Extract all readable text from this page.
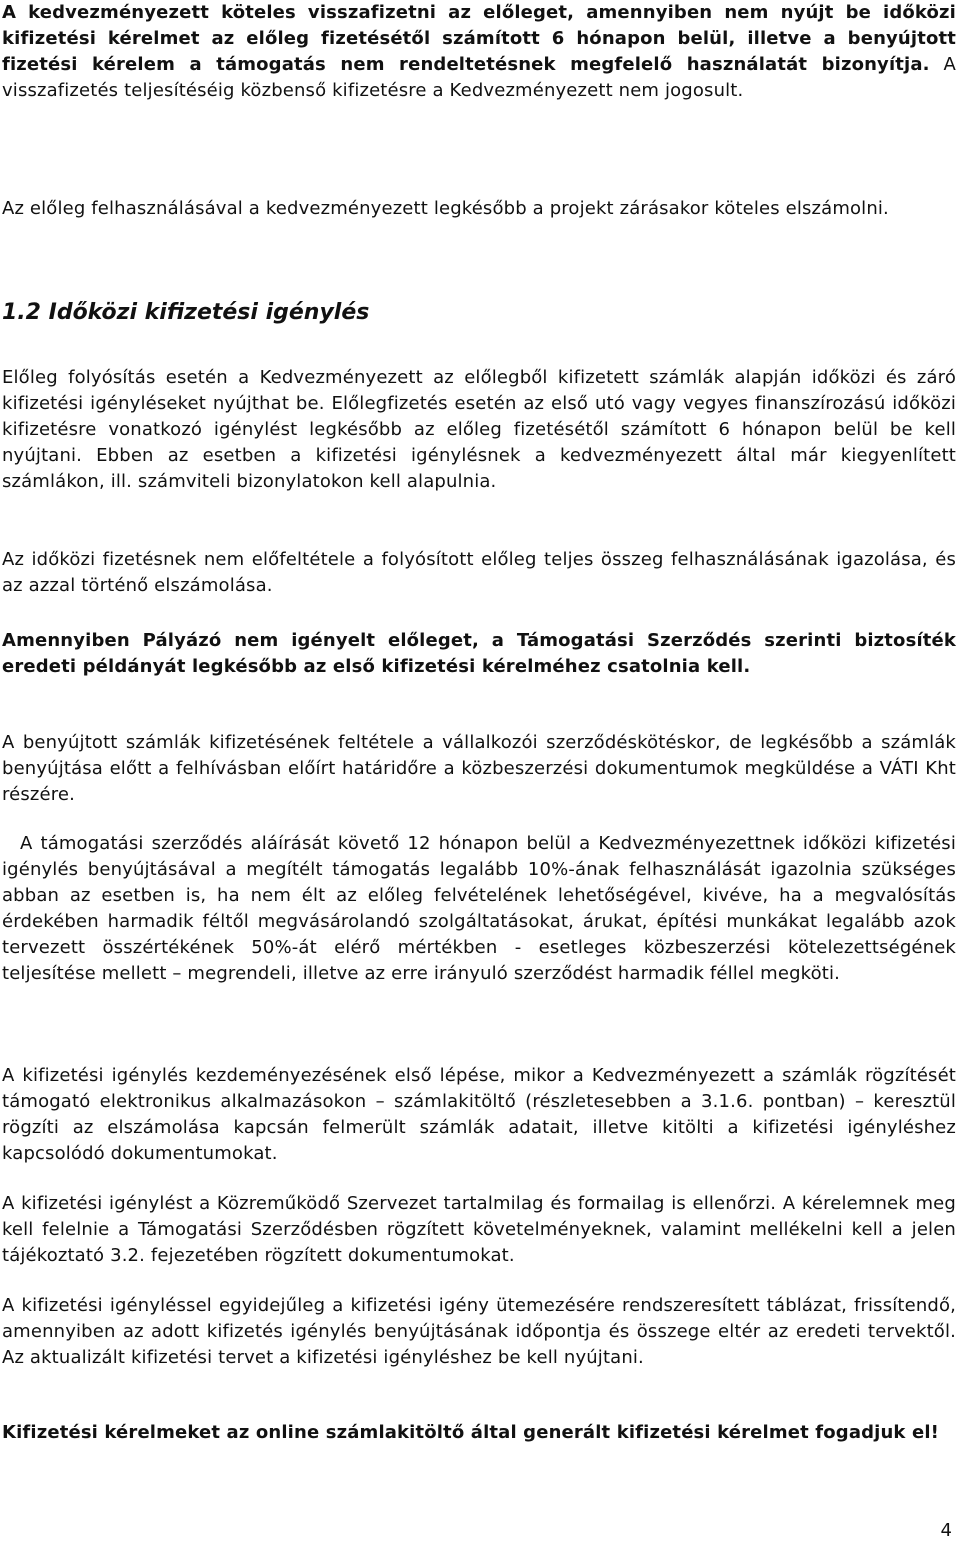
A kedvezményezett köteles visszafizetni az előleget, amennyiben nem nyújt be időközi kifizetési kérelmet az előleg fizetésétől számított 6 hónapon belül, illetve a benyújtott fizetési kérelem a támogatás nem rendeltetésnek megfelelő használatát bizonyítja. A visszafizetés teljesítéséig közbenső kifizetésre a Kedvezményezett nem jogosult.

Az előleg felhasználásával a kedvezményezett legkésőbb a projekt zárásakor köteles elszámolni.

1.2 Időközi kifizetési igénylés

Előleg folyósítás esetén a Kedvezményezett az előlegből kifizetett számlák alapján időközi és záró kifizetési igényléseket nyújthat be. Előlegfizetés esetén az első utó vagy vegyes finanszírozású időközi kifizetésre vonatkozó igénylést legkésőbb az előleg fizetésétől számított 6 hónapon belül be kell nyújtani. Ebben az esetben a kifizetési igénylésnek a kedvezményezett által már kiegyenlített számlákon, ill. számviteli bizonylatokon kell alapulnia.

Az időközi fizetésnek nem előfeltétele a folyósított előleg teljes összeg felhasználásának igazolása, és az azzal történő elszámolása.

Amennyiben Pályázó nem igényelt előleget, a Támogatási Szerződés szerinti biztosíték eredeti példányát legkésőbb az első kifizetési kérelméhez csatolnia kell.

A benyújtott számlák kifizetésének feltétele a vállalkozói szerződéskötéskor, de legkésőbb a számlák benyújtása előtt a felhívásban előírt határidőre a közbeszerzési dokumentumok megküldése a VÁTI Kht részére.

A támogatási szerződés aláírását követő 12 hónapon belül a Kedvezményezettnek időközi kifizetési igénylés benyújtásával a megítélt támogatás legalább 10%-ának felhasználását igazolnia szükséges abban az esetben is, ha nem élt az előleg felvételének lehetőségével, kivéve, ha a megvalósítás érdekében harmadik féltől megvásárolandó szolgáltatásokat, árukat, építési munkákat legalább azok tervezett összértékének 50%-át elérő mértékben - esetleges közbeszerzési kötelezettségének teljesítése mellett – megrendeli, illetve az erre irányuló szerződést harmadik féllel megköti.

A kifizetési igénylés kezdeményezésének első lépése, mikor a Kedvezményezett a számlák rögzítését támogató elektronikus alkalmazásokon – számlakitöltő (részletesebben a 3.1.6. pontban) – keresztül rögzíti az elszámolása kapcsán felmerült számlák adatait, illetve kitölti a kifizetési igényléshez kapcsolódó dokumentumokat.

A kifizetési igénylést a Közreműködő Szervezet tartalmilag és formailag is ellenőrzi. A kérelemnek meg kell felelnie a Támogatási Szerződésben rögzített követelményeknek, valamint mellékelni kell a jelen tájékoztató 3.2. fejezetében rögzített dokumentumokat.

A kifizetési igényléssel egyidejűleg a kifizetési igény ütemezésére rendszeresített táblázat, frissítendő, amennyiben az adott kifizetés igénylés benyújtásának időpontja és összege eltér az eredeti tervektől. Az aktualizált kifizetési tervet a kifizetési igényléshez be kell nyújtani.

Kifizetési kérelmeket az online számlakitöltő által generált kifizetési kérelmet fogadjuk el!

4
